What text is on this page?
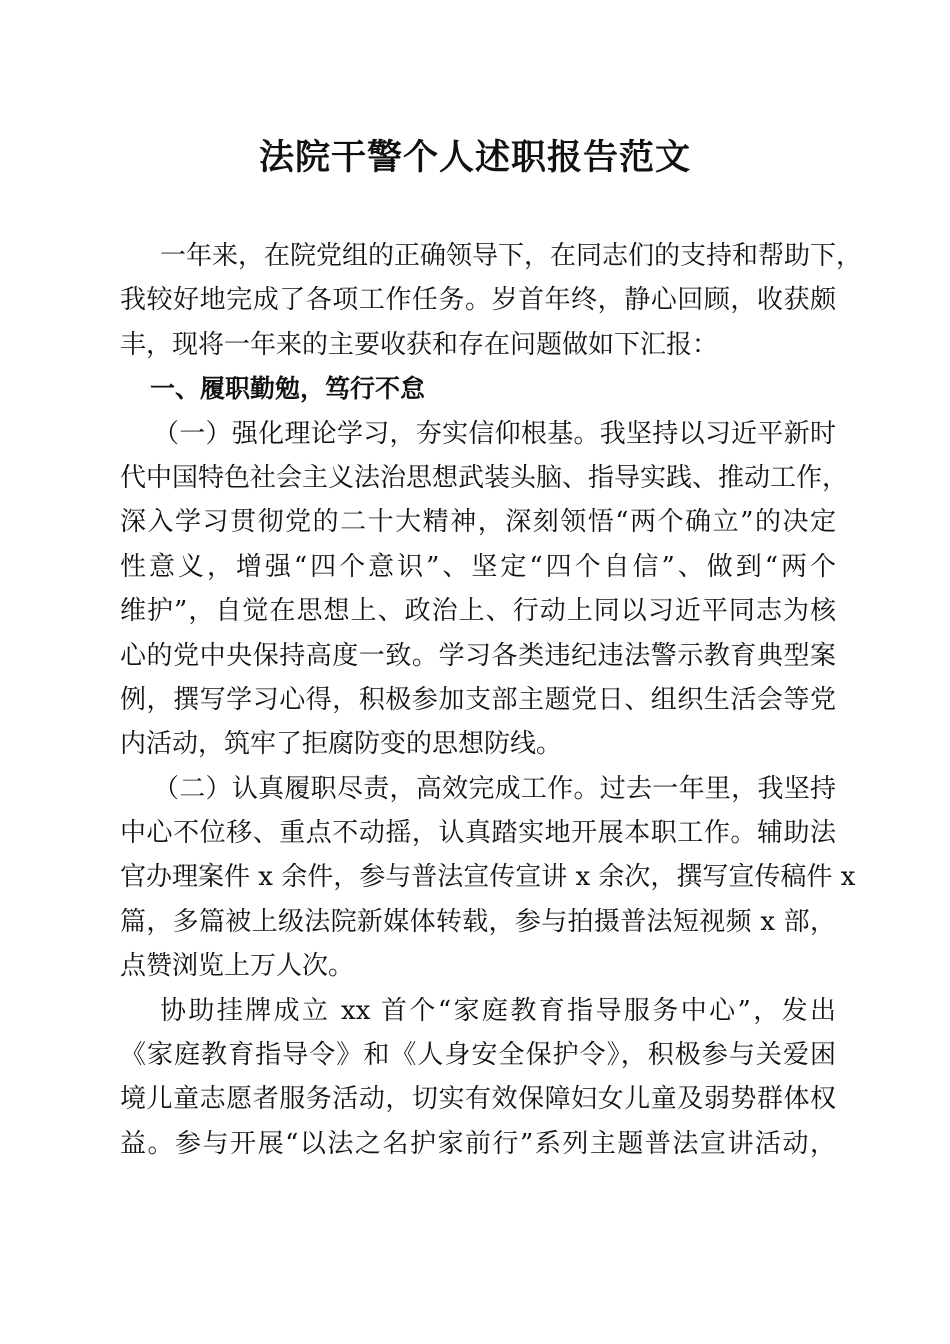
法院干警个人述职报告范文
一年来，在院党组的正确领导下，在同志们的支持和帮助下，
我较好地完成了各项工作任务。岁首年终，静心回顾，收获颇
丰，现将一年来的主要收获和存在问题做如下汇报：
一、履职勤勉，笃行不怠
（一）强化理论学习，夯实信仰根基。我坚持以习近平新时
代中国特色社会主义法治思想武装头脑、指导实践、推动工作，
深入学习贯彻党的二十大精神，深刻领悟“两个确立”的决定
性意义，增强“四个意识”、坚定“四个自信”、做到“两个
维护”，自觉在思想上、政治上、行动上同以习近平同志为核
心的党中央保持高度一致。学习各类违纪违法警示教育典型案
例，撰写学习心得，积极参加支部主题党日、组织生活会等党
内活动，筑牢了拒腐防变的思想防线。
（二）认真履职尽责，高效完成工作。过去一年里，我坚持
中心不位移、重点不动摇，认真踏实地开展本职工作。辅助法
官办理案件 x 余件，参与普法宣传宣讲 x 余次，撰写宣传稿件 x
篇，多篇被上级法院新媒体转载，参与拍摄普法短视频 x 部，
点赞浏览上万人次。
协助挂牌成立 xx 首个“家庭教育指导服务中心”，发出
《家庭教育指导令》和《人身安全保护令》，积极参与关爱困
境儿童志愿者服务活动，切实有效保障妇女儿童及弱势群体权
益。参与开展“以法之名护家前行”系列主题普法宣讲活动，
